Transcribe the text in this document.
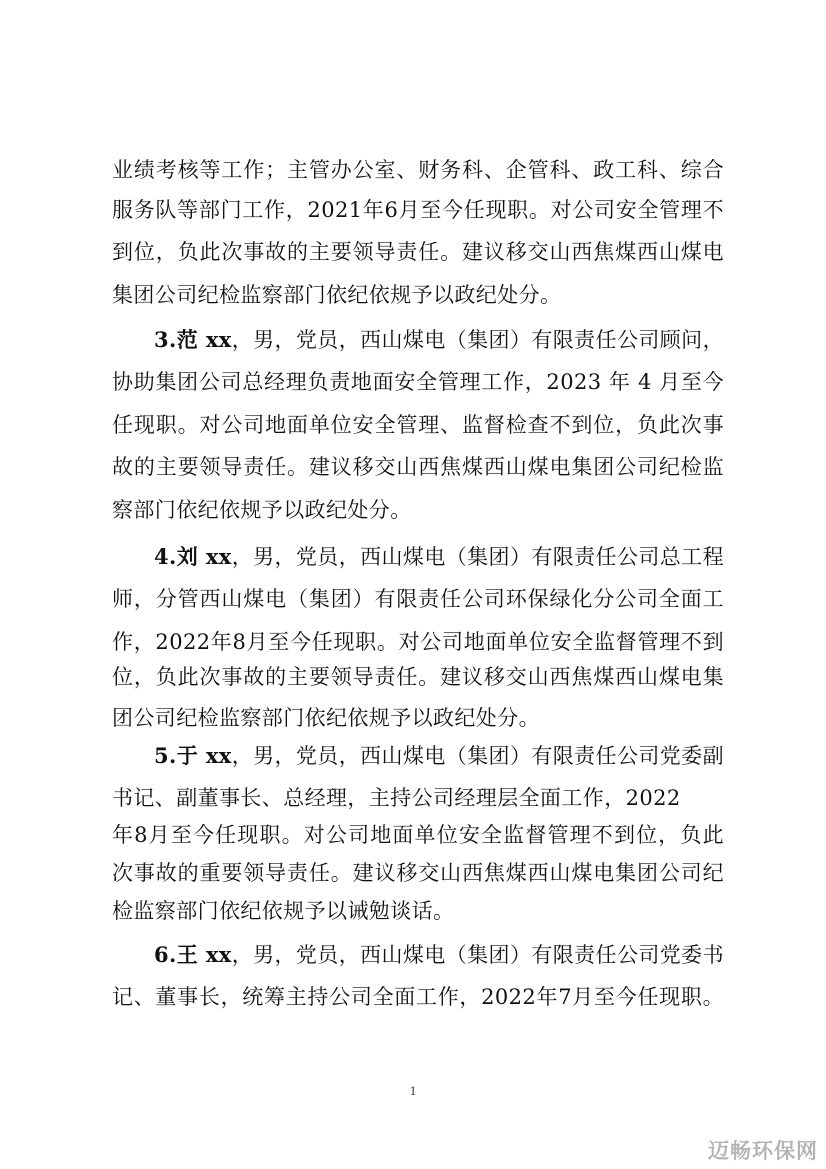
业绩考核等工作；主管办公室、财务科、企管科、政工科、综合
服务队等部门工作，2021年6月至今任现职。对公司安全管理不
到位，负此次事故的主要领导责任。建议移交山西焦煤西山煤电
集团公司纪检监察部门依纪依规予以政纪处分。
3.范 xx，男，党员，西山煤电（集团）有限责任公司顾问，
协助集团公司总经理负责地面安全管理工作，2023 年 4 月至今
任现职。对公司地面单位安全管理、监督检查不到位，负此次事
故的主要领导责任。建议移交山西焦煤西山煤电集团公司纪检监
察部门依纪依规予以政纪处分。
4.刘 xx，男，党员，西山煤电（集团）有限责任公司总工程
师，分管西山煤电（集团）有限责任公司环保绿化分公司全面工
作，2022年8月至今任现职。对公司地面单位安全监督管理不到
位，负此次事故的主要领导责任。建议移交山西焦煤西山煤电集
团公司纪检监察部门依纪依规予以政纪处分。
5.于 xx，男，党员，西山煤电（集团）有限责任公司党委副
书记、副董事长、总经理，主持公司经理层全面工作，2022
年8月至今任现职。对公司地面单位安全监督管理不到位，负此
次事故的重要领导责任。建议移交山西焦煤西山煤电集团公司纪
检监察部门依纪依规予以诫勉谈话。
6.王 xx，男，党员，西山煤电（集团）有限责任公司党委书
记、董事长，统筹主持公司全面工作，2022年7月至今任现职。
1
迈畅环保网
